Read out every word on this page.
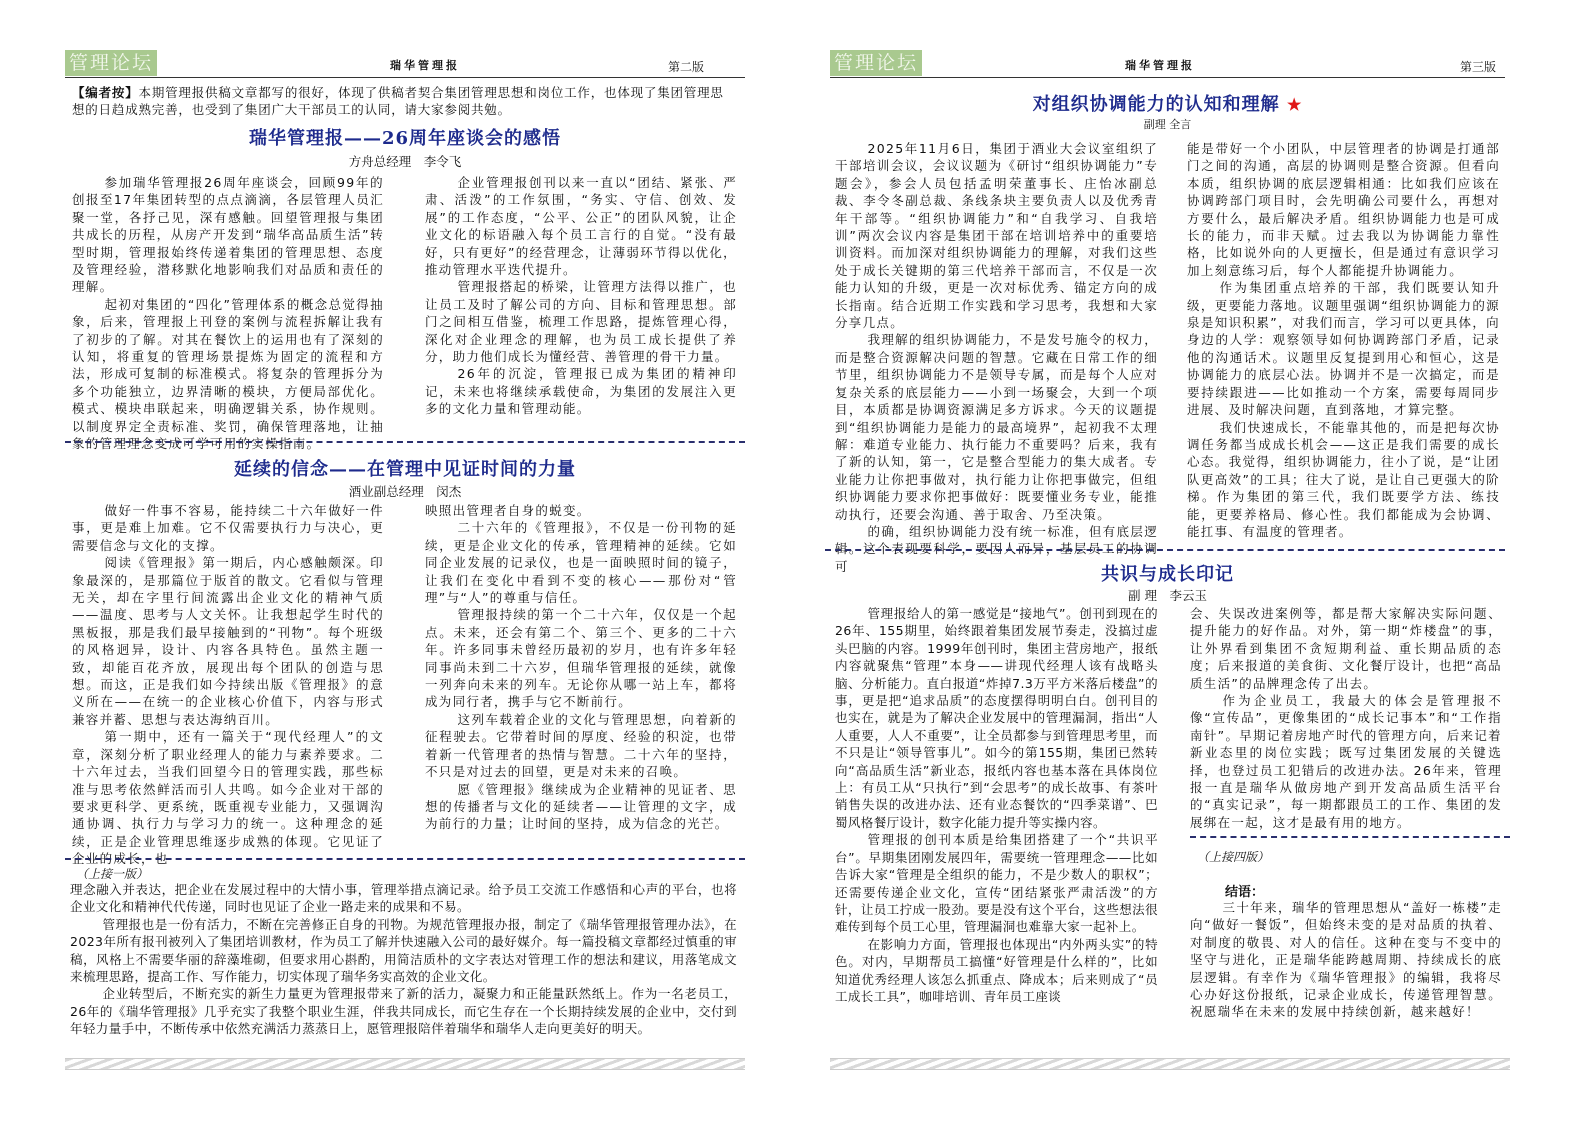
管理论坛	瑞华管理报	第二版
【编者按】本期管理报供稿文章都写的很好，体现了供稿者契合集团管理思想和岗位工作，也体现了集团管理思想的日趋成熟完善，也受到了集团广大干部员工的认同，请大家参阅共勉。
瑞华管理报——26周年座谈会的感悟
方舟总经理　李令飞

参加瑞华管理报26周年座谈会，回顾99年的创报至17年集团转型的点点滴滴，各层管理人员汇聚一堂，各抒己见，深有感触。回望管理报与集团共成长的历程，从房产开发到“瑞华高品质生活”转型时期，管理报始终传递着集团的管理思想、态度及管理经验，潜移默化地影响我们对品质和责任的理解。

起初对集团的“四化”管理体系的概念总觉得抽象，后来，管理报上刊登的案例与流程拆解让我有了初步的了解。对其在餐饮上的运用也有了深刻的认知，将重复的管理场景提炼为固定的流程和方法，形成可复制的标准模式。将复杂的管理拆分为多个功能独立，边界清晰的模块，方便局部优化。模式、模块串联起来，明确逻辑关系，协作规则。以制度界定全责标准、奖罚，确保管理落地，让抽象的管理理念变成可学可用的实操指南。

企业管理报创刊以来一直以“团结、紧张、严肃、活泼”的工作氛围，“务实、守信、创效、发展”的工作态度，“公平、公正”的团队风貌，让企业文化的标语融入每个员工言行的自觉。“没有最好，只有更好”的经营理念，让薄弱环节得以优化，推动管理水平迭代提升。

管理报搭起的桥梁，让管理方法得以推广，也让员工及时了解公司的方向、目标和管理思想。部门之间相互借鉴，梳理工作思路，提炼管理心得，深化对企业理念的理解，也为员工成长提供了养分，助力他们成长为懂经营、善管理的骨干力量。

26年的沉淀，管理报已成为集团的精神印记，未来也将继续承载使命，为集团的发展注入更多的文化力量和管理动能。

延续的信念——在管理中见证时间的力量
酒业副总经理　闵杰

做好一件事不容易，能持续二十六年做好一件事，更是难上加难。它不仅需要执行力与决心，更需要信念与文化的支撑。

阅读《管理报》第一期后，内心感触颇深。印象最深的，是那篇位于版首的散文。它看似与管理无关，却在字里行间流露出企业文化的精神气质——温度、思考与人文关怀。让我想起学生时代的黑板报，那是我们最早接触到的“刊物”。每个班级的风格迥异，设计、内容各具特色。虽然主题一致，却能百花齐放，展现出每个团队的创造与思想。而这，正是我们如今持续出版《管理报》的意义所在——在统一的企业核心价值下，内容与形式兼容并蓄、思想与表达海纳百川。

第一期中，还有一篇关于“现代经理人”的文章，深刻分析了职业经理人的能力与素养要求。二十六年过去，当我们回望今日的管理实践，那些标准与思考依然鲜活而引人共鸣。如今企业对干部的要求更科学、更系统，既重视专业能力，又强调沟通协调、执行力与学习力的统一。这种理念的延续，正是企业管理思维逐步成熟的体现。它见证了企业的成长，也

映照出管理者自身的蜕变。

二十六年的《管理报》，不仅是一份刊物的延续，更是企业文化的传承，管理精神的延续。它如同企业发展的记录仪，也是一面映照时间的镜子，让我们在变化中看到不变的核心——那份对“管理”与“人”的尊重与信任。

管理报持续的第一个二十六年，仅仅是一个起点。未来，还会有第二个、第三个、更多的二十六年。许多同事未曾经历最初的岁月，也有许多年轻同事尚未到二十六岁，但瑞华管理报的延续，就像一列奔向未来的列车。无论你从哪一站上车，都将成为同行者，携手与它不断前行。

这列车载着企业的文化与管理思想，向着新的征程驶去。它带着时间的厚度、经验的积淀，也带着新一代管理者的热情与智慧。二十六年的坚持，不只是对过去的回望，更是对未来的召唤。

愿《管理报》继续成为企业精神的见证者、思想的传播者与文化的延续者——让管理的文字，成为前行的力量；让时间的坚持，成为信念的光芒。

（上接一版）

理念融入并表达，把企业在发展过程中的大情小事，管理举措点滴记录。给予员工交流工作感悟和心声的平台，也将企业文化和精神代代传递，同时也见证了企业一路走来的成果和不易。

管理报也是一份有活力，不断在完善修正自身的刊物。为规范管理报办报，制定了《瑞华管理报管理办法》，在2023年所有报刊被列入了集团培训教材，作为员工了解并快速融入公司的最好媒介。每一篇投稿文章都经过慎重的审稿，风格上不需要华丽的辞藻堆砌，但要求用心斟酌，用简洁质朴的文字表达对管理工作的想法和建议，用落笔成文来梳理思路，提高工作、写作能力，切实体现了瑞华务实高效的企业文化。

企业转型后，不断充实的新生力量更为管理报带来了新的活力，凝聚力和正能量跃然纸上。作为一名老员工，26年的《瑞华管理报》几乎充实了我整个职业生涯，伴我共同成长，而它生存在一个长期持续发展的企业中，交付到年轻力量手中，不断传承中依然充满活力蒸蒸日上，愿管理报陪伴着瑞华和瑞华人走向更美好的明天。

管理论坛	瑞华管理报	第三版
对组织协调能力的认知和理解 ★
副理 全言

2025年11月6日，集团于酒业大会议室组织了干部培训会议，会议议题为《研讨“组织协调能力”专题会》，参会人员包括孟明荣董事长、庄怡冰副总裁、李令冬副总裁、条线条块主要负责人以及优秀青年干部等。“组织协调能力”和“自我学习、自我培训”两次会议内容是集团干部在培训培养中的重要培训资料。而加深对组织协调能力的理解，对我们这些处于成长关键期的第三代培养干部而言，不仅是一次能力认知的升级，更是一次对标优秀、锚定方向的成长指南。结合近期工作实践和学习思考，我想和大家分享几点。

我理解的组织协调能力，不是发号施令的权力，而是整合资源解决问题的智慧。它藏在日常工作的细节里，组织协调能力不是领导专属，而是每个人应对复杂关系的底层能力——小到一场聚会，大到一个项目，本质都是协调资源满足多方诉求。今天的议题提到“组织协调能力是能力的最高境界”，起初我不太理解：难道专业能力、执行能力不重要吗？后来，我有了新的认知，第一，它是整合型能力的集大成者。专业能力让你把事做对，执行能力让你把事做完，但组织协调能力要求你把事做好：既要懂业务专业，能推动执行，还要会沟通、善于取舍、乃至决策。

的确，组织协调能力没有统一标准，但有底层逻辑。这个表现要科学，要因人而异，基层员工的协调可

能是带好一个小团队，中层管理者的协调是打通部门之间的沟通，高层的协调则是整合资源。但看向本质，组织协调的底层逻辑相通：比如我们应该在协调跨部门项目时，会先明确公司要什么，再想对方要什么，最后解决矛盾。组织协调能力也是可成长的能力，而非天赋。过去我以为协调能力靠性格，比如说外向的人更擅长，但是通过有意识学习加上刻意练习后，每个人都能提升协调能力。

作为集团重点培养的干部，我们既要认知升级，更要能力落地。议题里强调“组织协调能力的源泉是知识积累”，对我们而言，学习可以更具体，向身边的人学：观察领导如何协调跨部门矛盾，记录他的沟通话术。议题里反复提到用心和恒心，这是协调能力的底层心法。协调并不是一次搞定，而是要持续跟进——比如推动一个方案，需要每周同步进展、及时解决问题，直到落地，才算完整。

我们快速成长，不能靠其他的，而是把每次协调任务都当成成长机会——这正是我们需要的成长心态。我觉得，组织协调能力，往小了说，是“让团队更高效”的工具；往大了说，是让自己更强大的阶梯。作为集团的第三代，我们既要学方法、练技能，更要养格局、修心性。我们都能成为会协调、能扛事、有温度的管理者。

共识与成长印记
副 理　李云玉

管理报给人的第一感觉是“接地气”。创刊到现在的26年、155期里，始终跟着集团发展节奏走，没搞过虚头巴脑的内容。1999年创刊时，集团主营房地产，报纸内容就聚焦“管理”本身——讲现代经理人该有战略头脑、分析能力。直白报道“炸掉7.3万平方米落后楼盘”的事，更是把“追求品质”的态度摆得明明白白。创刊目的也实在，就是为了解决企业发展中的管理漏洞，指出“人人重要，人人不重要”，让全员都参与到管理思考里，而不只是让“领导管事儿”。如今的第155期，集团已然转向“高品质生活”新业态，报纸内容也基本落在具体岗位上：有员工从“只执行”到“会思考”的成长故事、有茶叶销售失误的改进办法、还有业态餐饮的“四季菜谱”、巴蜀风格餐厅设计，数字化能力提升等实操内容。

管理报的创刊本质是给集团搭建了一个“共识平台”。早期集团刚发展四年，需要统一管理理念——比如告诉大家“管理是全组织的能力，不是少数人的职权”；还需要传递企业文化，宣传“团结紧张严肃活泼”的方针，让员工拧成一股劲。要是没有这个平台，这些想法很难传到每个员工心里，管理漏洞也难靠大家一起补上。

在影响力方面，管理报也体现出“内外两头实”的特色。对内，早期帮员工搞懂“好管理是什么样的”，比如知道优秀经理人该怎么抓重点、降成本；后来则成了“员工成长工具”，咖啡培训、青年员工座谈

会、失误改进案例等，都是帮大家解决实际问题、提升能力的好作品。对外，第一期“炸楼盘”的事，让外界看到集团不贪短期利益、重长期品质的态度；后来报道的美食街、文化餐厅设计，也把“高品质生活”的品牌理念传了出去。

作为企业员工，我最大的体会是管理报不像“宣传品”，更像集团的“成长记事本”和“工作指南针”。早期记着房地产时代的管理方向，后来记着新业态里的岗位实践；既写过集团发展的关键选择，也登过员工犯错后的改进办法。26年来，管理报一直是瑞华从做房地产到开发高品质生活平台的“真实记录”，每一期都跟员工的工作、集团的发展绑在一起，这才是最有用的地方。

（上接四版）
结语：

三十年来，瑞华的管理思想从“盖好一栋楼”走向“做好一餐饭”，但始终未变的是对品质的执着、对制度的敬畏、对人的信任。这种在变与不变中的坚守与进化，正是瑞华能跨越周期、持续成长的底层逻辑。有幸作为《瑞华管理报》的编辑，我将尽心办好这份报纸，记录企业成长，传递管理智慧。祝愿瑞华在未来的发展中持续创新，越来越好！
